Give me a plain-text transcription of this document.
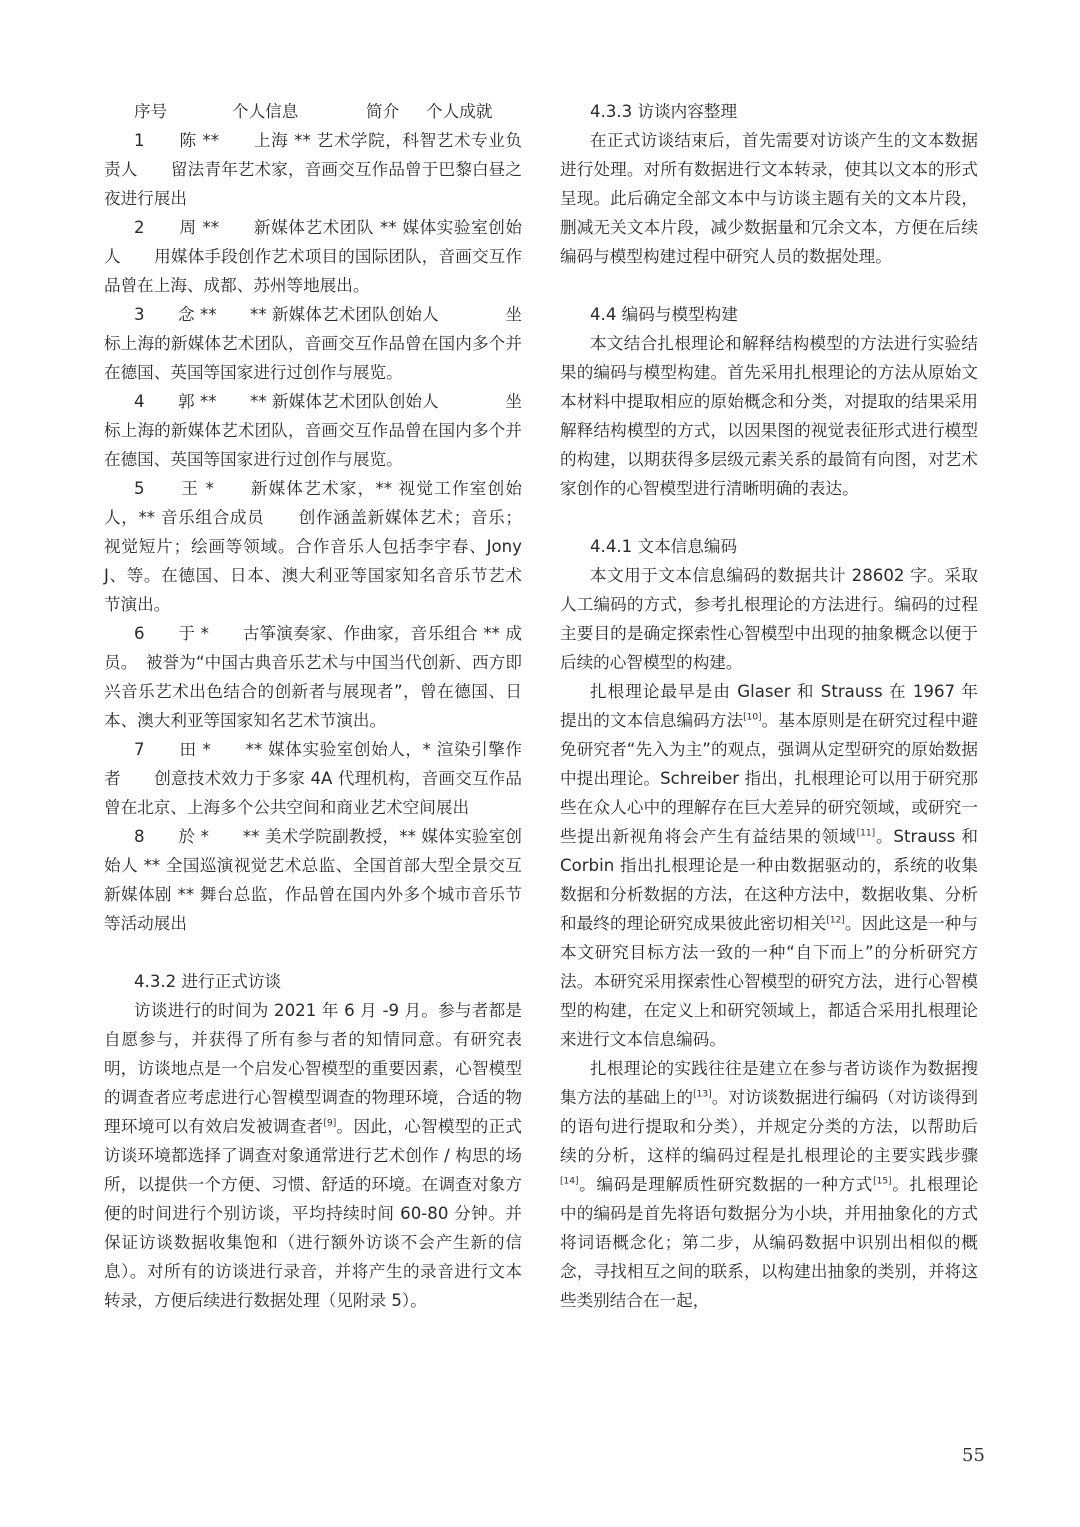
序号	个人信息	简介	个人成就

1　　陈 **　　上海 ** 艺术学院，科智艺术专业负责人　　留法青年艺术家，音画交互作品曾于巴黎白昼之夜进行展出

2　　周 **　　新媒体艺术团队 ** 媒体实验室创始人　　用媒体手段创作艺术项目的国际团队，音画交互作品曾在上海、成都、苏州等地展出。

3　　念 **　　** 新媒体艺术团队创始人　　　　坐标上海的新媒体艺术团队，音画交互作品曾在国内多个并在德国、英国等国家进行过创作与展览。

4　　郭 **　　** 新媒体艺术团队创始人　　　　坐标上海的新媒体艺术团队，音画交互作品曾在国内多个并在德国、英国等国家进行过创作与展览。

5　　王 *　　新媒体艺术家，** 视觉工作室创始人，** 音乐组合成员　　创作涵盖新媒体艺术；音乐；视觉短片；绘画等领域。合作音乐人包括李宇春、Jony J、等。在德国、日本、澳大利亚等国家知名音乐节艺术节演出。

6　　于 *　　古筝演奏家、作曲家，音乐组合 ** 成员。　被誉为“中国古典音乐艺术与中国当代创新、西方即兴音乐艺术出色结合的创新者与展现者”，曾在德国、日本、澳大利亚等国家知名艺术节演出。

7　　田 *　　** 媒体实验室创始人，* 渲染引擎作者　　创意技术效力于多家 4A 代理机构，音画交互作品曾在北京、上海多个公共空间和商业艺术空间展出

8　　於 *　　** 美术学院副教授，** 媒体实验室创始人 ** 全国巡演视觉艺术总监、全国首部大型全景交互新媒体剧 ** 舞台总监，作品曾在国内外多个城市音乐节等活动展出

4.3.2 进行正式访谈

访谈进行的时间为 2021 年 6 月 -9 月。参与者都是自愿参与，并获得了所有参与者的知情同意。有研究表明，访谈地点是一个启发心智模型的重要因素，心智模型的调查者应考虑进行心智模型调查的物理环境，合适的物理环境可以有效启发被调查者[9]。因此，心智模型的正式访谈环境都选择了调查对象通常进行艺术创作 / 构思的场所，以提供一个方便、习惯、舒适的环境。在调查对象方便的时间进行个别访谈，平均持续时间 60-80 分钟。并保证访谈数据收集饱和（进行额外访谈不会产生新的信息）。对所有的访谈进行录音，并将产生的录音进行文本转录，方便后续进行数据处理（见附录 5）。

4.3.3 访谈内容整理

在正式访谈结束后，首先需要对访谈产生的文本数据进行处理。对所有数据进行文本转录，使其以文本的形式呈现。此后确定全部文本中与访谈主题有关的文本片段，删减无关文本片段，减少数据量和冗余文本，方便在后续编码与模型构建过程中研究人员的数据处理。

4.4 编码与模型构建

本文结合扎根理论和解释结构模型的方法进行实验结果的编码与模型构建。首先采用扎根理论的方法从原始文本材料中提取相应的原始概念和分类，对提取的结果采用解释结构模型的方式，以因果图的视觉表征形式进行模型的构建，以期获得多层级元素关系的最简有向图，对艺术家创作的心智模型进行清晰明确的表达。

4.4.1 文本信息编码

本文用于文本信息编码的数据共计 28602 字。采取人工编码的方式，参考扎根理论的方法进行。编码的过程主要目的是确定探索性心智模型中出现的抽象概念以便于后续的心智模型的构建。

扎根理论最早是由 Glaser 和 Strauss 在 1967 年提出的文本信息编码方法[10]。基本原则是在研究过程中避免研究者“先入为主”的观点，强调从定型研究的原始数据中提出理论。Schreiber 指出，扎根理论可以用于研究那些在众人心中的理解存在巨大差异的研究领域，或研究一些提出新视角将会产生有益结果的领域[11]。Strauss 和 Corbin 指出扎根理论是一种由数据驱动的，系统的收集数据和分析数据的方法，在这种方法中，数据收集、分析和最终的理论研究成果彼此密切相关[12]。因此这是一种与本文研究目标方法一致的一种“自下而上”的分析研究方法。本研究采用探索性心智模型的研究方法，进行心智模型的构建，在定义上和研究领域上，都适合采用扎根理论来进行文本信息编码。

扎根理论的实践往往是建立在参与者访谈作为数据搜集方法的基础上的[13]。对访谈数据进行编码（对访谈得到的语句进行提取和分类），并规定分类的方法，以帮助后续的分析，这样的编码过程是扎根理论的主要实践步骤[14]。编码是理解质性研究数据的一种方式[15]。扎根理论中的编码是首先将语句数据分为小块，并用抽象化的方式将词语概念化；第二步，从编码数据中识别出相似的概念，寻找相互之间的联系，以构建出抽象的类别，并将这些类别结合在一起，

55
